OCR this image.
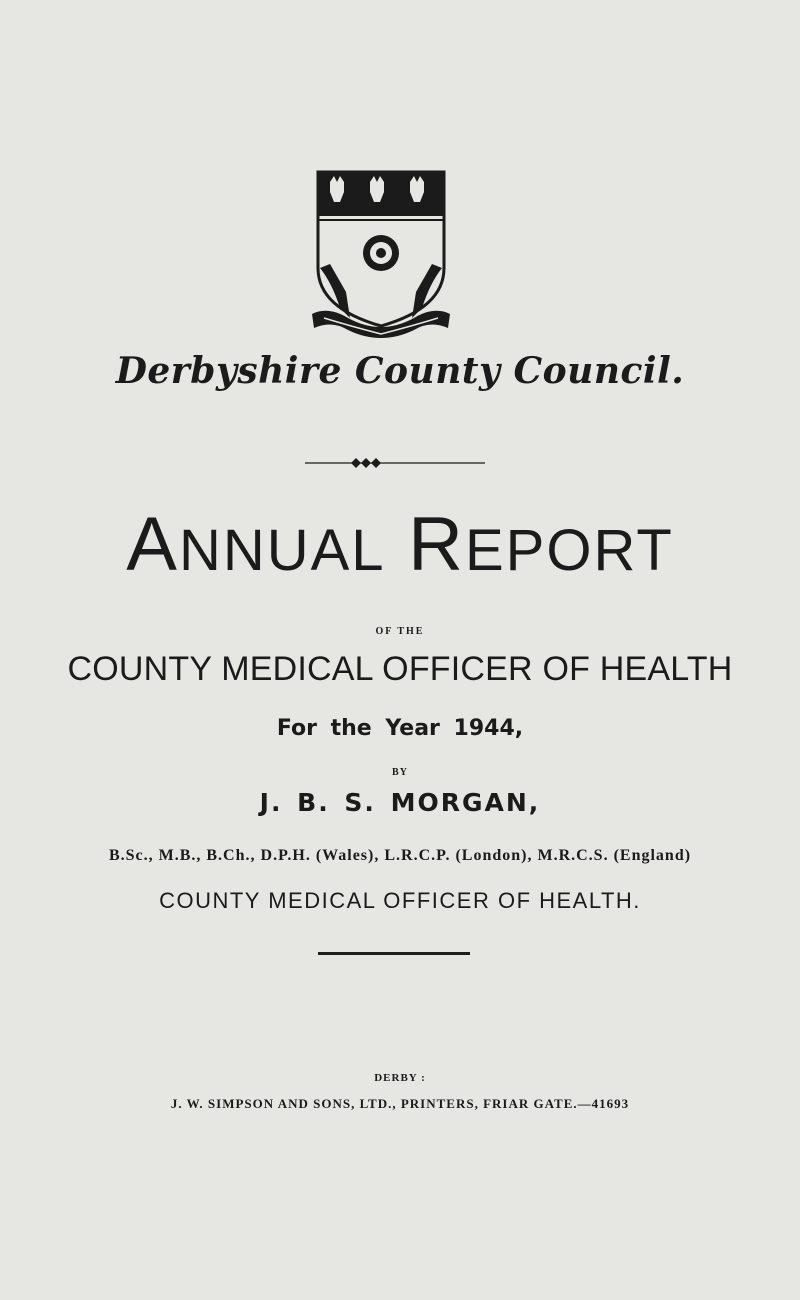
Derbyshire County Council.
ANNUAL REPORT
OF THE
COUNTY MEDICAL OFFICER OF HEALTH
For the Year 1944,
BY
J. B. S. MORGAN,
B.Sc., M.B., B.Ch., D.P.H. (Wales), L.R.C.P. (London), M.R.C.S. (England)
COUNTY MEDICAL OFFICER OF HEALTH.
DERBY :
J. W. SIMPSON AND SONS, LTD., PRINTERS, FRIAR GATE.—41693
